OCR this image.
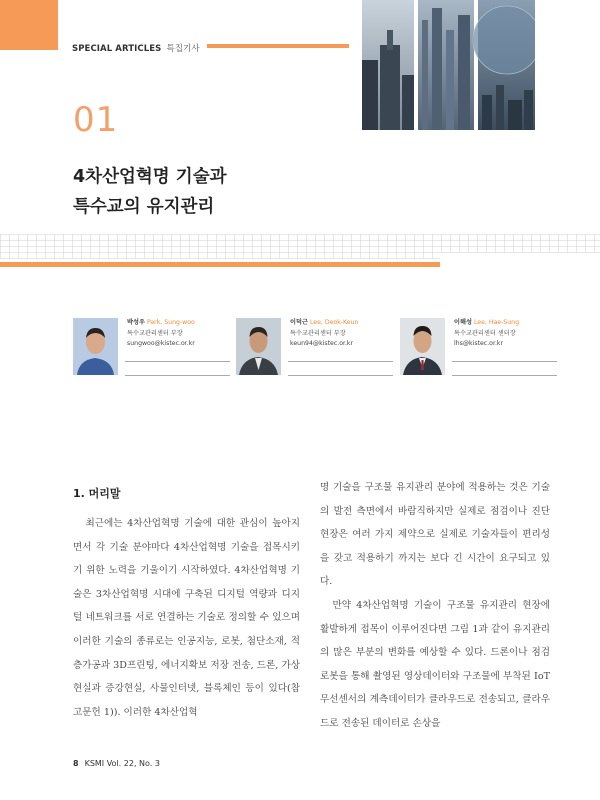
SPECIAL ARTICLES 특집기사
01
4차산업혁명 기술과
특수교의 유지관리
박성우 Park, Sung-woo
특수교관리센터 부장
sungwoo@kistec.or.kr
이덕근 Lee, Deok-Keun
특수교관리센터 부장
keun94@kistec.or.kr
이해성 Lee, Hae-Sung
특수교관리센터 센터장
lhs@kistec.or.kr
1. 머리말

최근에는 4차산업혁명 기술에 대한 관심이 높아지면서 각 기술 분야마다 4차산업혁명 기술을 접목시키기 위한 노력을 기울이기 시작하였다. 4차산업혁명 기술은 3차산업혁명 시대에 구축된 디지털 역량과 디지털 네트워크를 서로 연결하는 기술로 정의할 수 있으며 이러한 기술의 종류로는 인공지능, 로봇, 첨단소재, 적층가공과 3D프린팅, 에너지확보 저장 전송, 드론, 가상현실과 증강현실, 사물인터넷, 블록체인 등이 있다(참고문헌 1)). 이러한 4차산업혁

명 기술을 구조물 유지관리 분야에 적용하는 것은 기술의 발전 측면에서 바람직하지만 실제로 점검이나 진단 현장은 여러 가지 제약으로 실제로 기술자들이 편리성을 갖고 적용하기 까지는 보다 긴 시간이 요구되고 있다.

만약 4차산업혁명 기술이 구조물 유지관리 현장에 활발하게 접목이 이루어진다면 그림 1과 같이 유지관리의 많은 부분의 변화를 예상할 수 있다. 드론이나 점검로봇을 통해 촬영된 영상데이터와 구조물에 부착된 IoT 무선센서의 계측데이터가 클라우드로 전송되고, 클라우드로 전송된 데이터로 손상을

8 KSMI Vol. 22, No. 3
